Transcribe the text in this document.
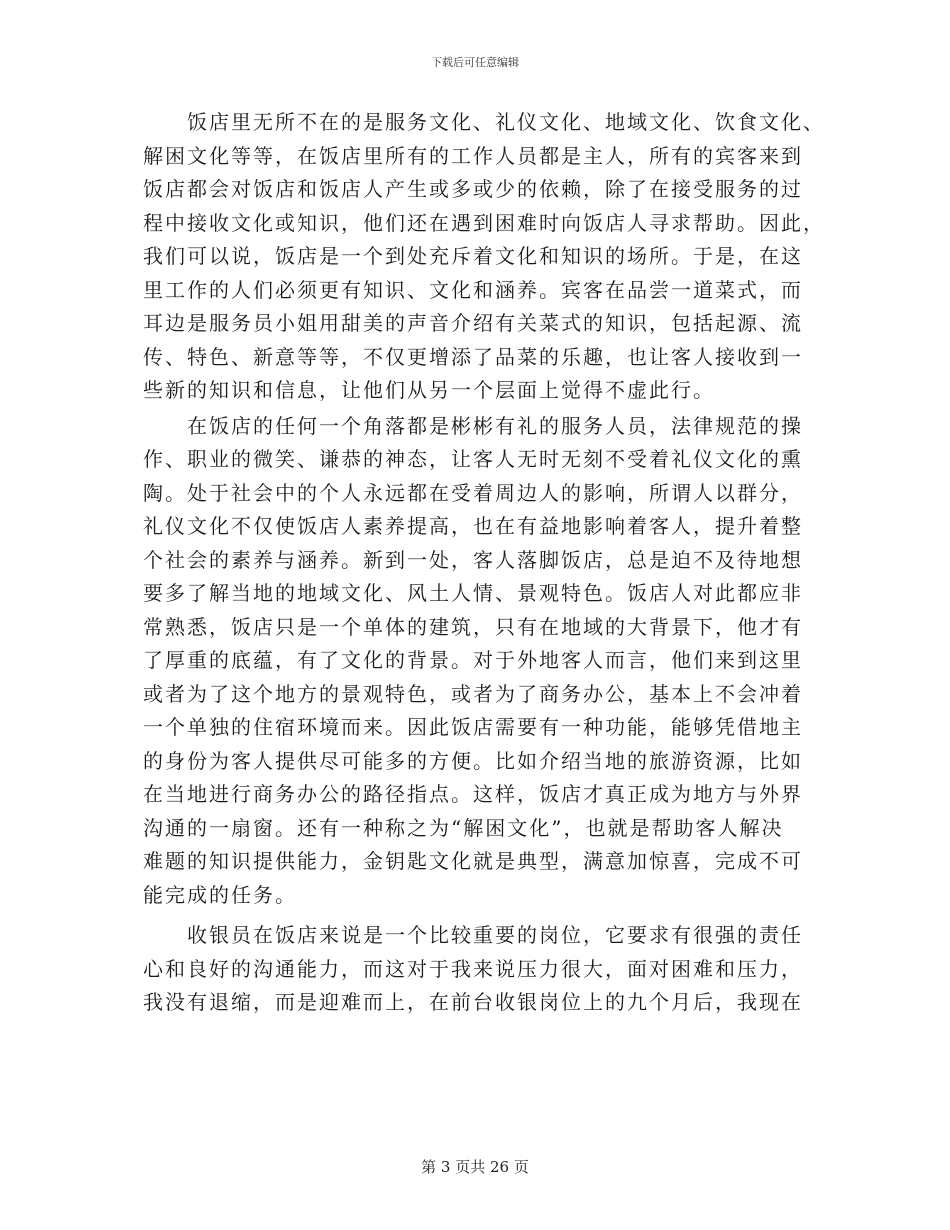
下载后可任意编辑
　　饭店里无所不在的是服务文化、礼仪文化、地域文化、饮食文化、
解困文化等等，在饭店里所有的工作人员都是主人，所有的宾客来到
饭店都会对饭店和饭店人产生或多或少的依赖，除了在接受服务的过
程中接收文化或知识，他们还在遇到困难时向饭店人寻求帮助。因此，
我们可以说，饭店是一个到处充斥着文化和知识的场所。于是，在这
里工作的人们必须更有知识、文化和涵养。宾客在品尝一道菜式，而
耳边是服务员小姐用甜美的声音介绍有关菜式的知识，包括起源、流
传、特色、新意等等，不仅更增添了品菜的乐趣，也让客人接收到一
些新的知识和信息，让他们从另一个层面上觉得不虚此行。
　　在饭店的任何一个角落都是彬彬有礼的服务人员，法律规范的操
作、职业的微笑、谦恭的神态，让客人无时无刻不受着礼仪文化的熏
陶。处于社会中的个人永远都在受着周边人的影响，所谓人以群分，
礼仪文化不仅使饭店人素养提高，也在有益地影响着客人，提升着整
个社会的素养与涵养。新到一处，客人落脚饭店，总是迫不及待地想
要多了解当地的地域文化、风土人情、景观特色。饭店人对此都应非
常熟悉，饭店只是一个单体的建筑，只有在地域的大背景下，他才有
了厚重的底蕴，有了文化的背景。对于外地客人而言，他们来到这里
或者为了这个地方的景观特色，或者为了商务办公，基本上不会冲着
一个单独的住宿环境而来。因此饭店需要有一种功能，能够凭借地主
的身份为客人提供尽可能多的方便。比如介绍当地的旅游资源，比如
在当地进行商务办公的路径指点。这样，饭店才真正成为地方与外界
沟通的一扇窗。还有一种称之为“解困文化”，也就是帮助客人解决
难题的知识提供能力，金钥匙文化就是典型，满意加惊喜，完成不可
能完成的任务。
　　收银员在饭店来说是一个比较重要的岗位，它要求有很强的责任
心和良好的沟通能力，而这对于我来说压力很大，面对困难和压力，
我没有退缩，而是迎难而上，在前台收银岗位上的九个月后，我现在
第 3 页共 26 页
